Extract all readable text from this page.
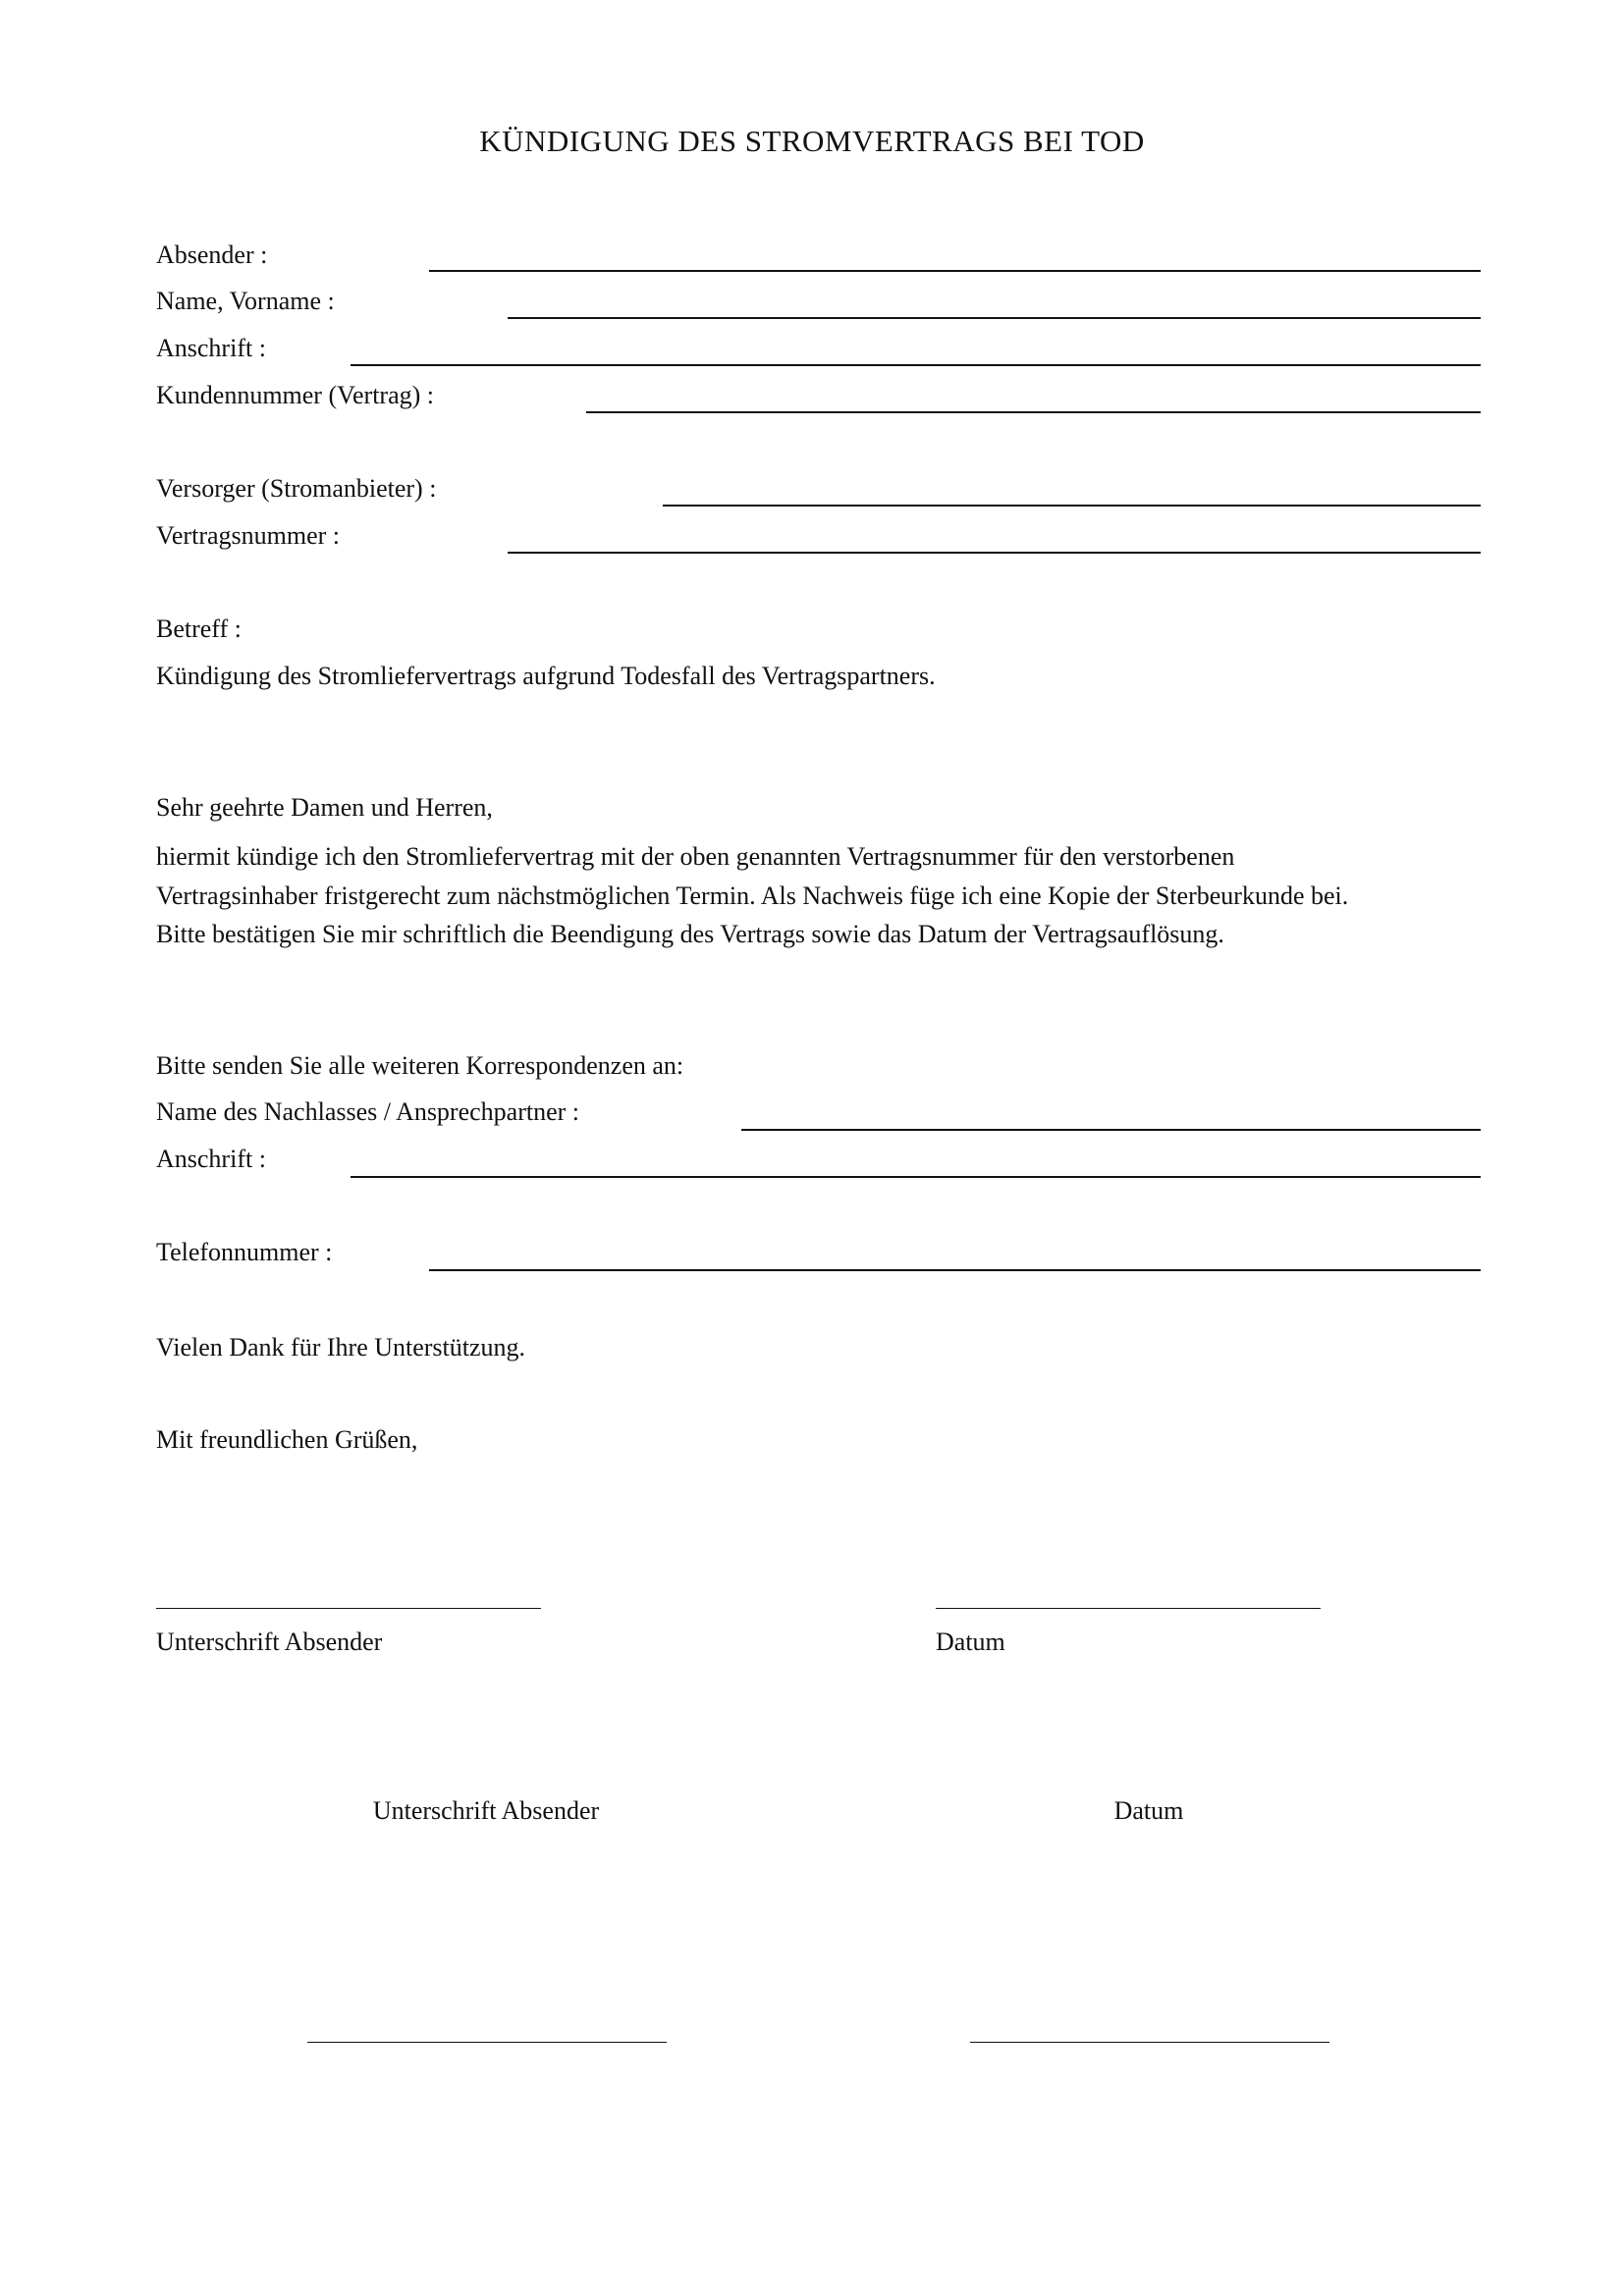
KÜNDIGUNG DES STROMVERTRAGS BEI TOD
Absender :
Name, Vorname :
Anschrift :
Kundennummer (Vertrag) :
Versorger (Stromanbieter) :
Vertragsnummer :
Betreff :
Kündigung des Stromliefervertrags aufgrund Todesfall des Vertragspartners.
Sehr geehrte Damen und Herren,
hiermit kündige ich den Stromliefervertrag mit der oben genannten Vertragsnummer für den verstorbenen
Vertragsinhaber fristgerecht zum nächstmöglichen Termin. Als Nachweis füge ich eine Kopie der Sterbeurkunde bei.
Bitte bestätigen Sie mir schriftlich die Beendigung des Vertrags sowie das Datum der Vertragsauflösung.
Bitte senden Sie alle weiteren Korrespondenzen an:
Name des Nachlasses / Ansprechpartner :
Anschrift :
Telefonnummer :
Vielen Dank für Ihre Unterstützung.
Mit freundlichen Grüßen,
Unterschrift Absender	Datum
Unterschrift Absender	Datum
